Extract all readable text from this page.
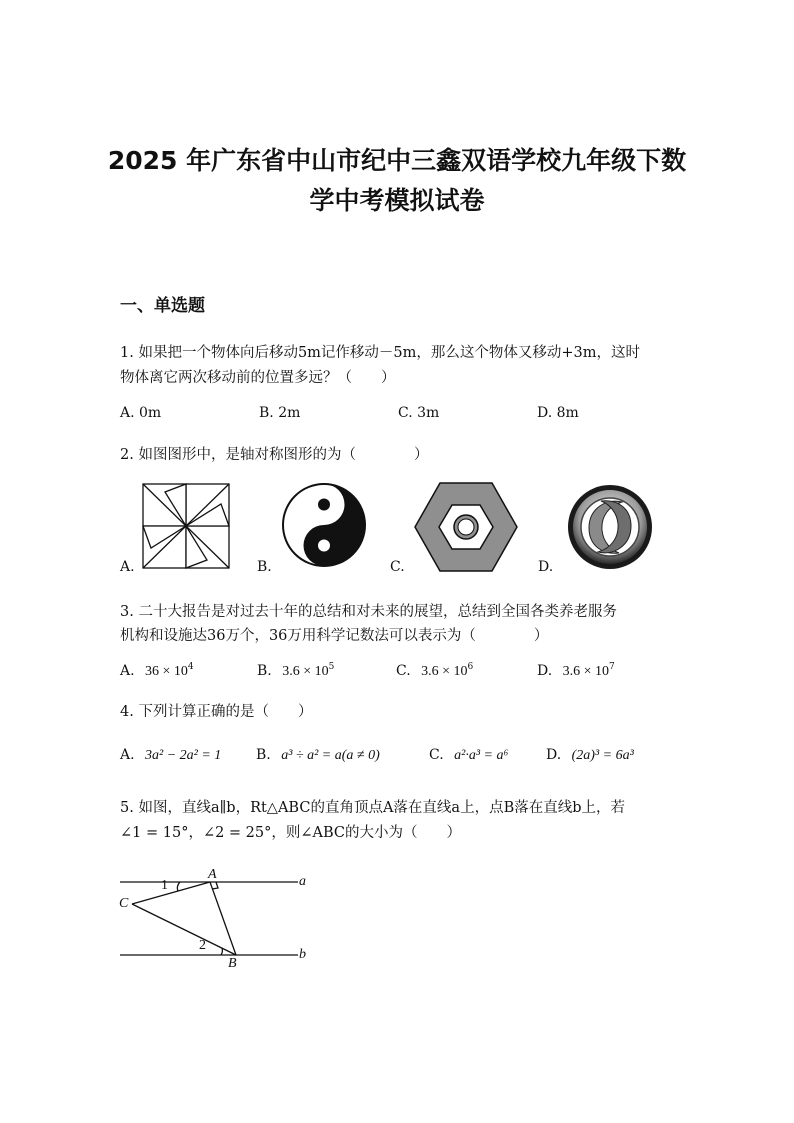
2025 年广东省中山市纪中三鑫双语学校九年级下数
学中考模拟试卷
一、单选题
1. 如果把一个物体向后移动5m记作移动－5m，那么这个物体又移动+3m，这时
物体离它两次移动前的位置多远？（　　）
A. 0m	B. 2m	C. 3m	D. 8m
2. 如图图形中，是轴对称图形的为（　　　　）
A.	B.	C.	D.
3. 二十大报告是对过去十年的总结和对未来的展望，总结到全国各类养老服务
机构和设施达36万个，36万用科学记数法可以表示为（　　　　）
A. $36 \times 10^4$	B. $3.6 \times 10^5$	C. $3.6 \times 10^6$	D. $3.6 \times 10^7$
4. 下列计算正确的是（　　）
A. 3a² − 2a² = 1 B. a³ ÷ a² = a(a ≠ 0)	C. a²·a³ = a⁶	D. (2a)³ = 6a³
5. 如图，直线a∥b，Rt△ABC的直角顶点A落在直线a上，点B落在直线b上，若
∠1 = 15°，∠2 = 25°，则∠ABC的大小为（　　）
A
B
C
a
b
1
2
